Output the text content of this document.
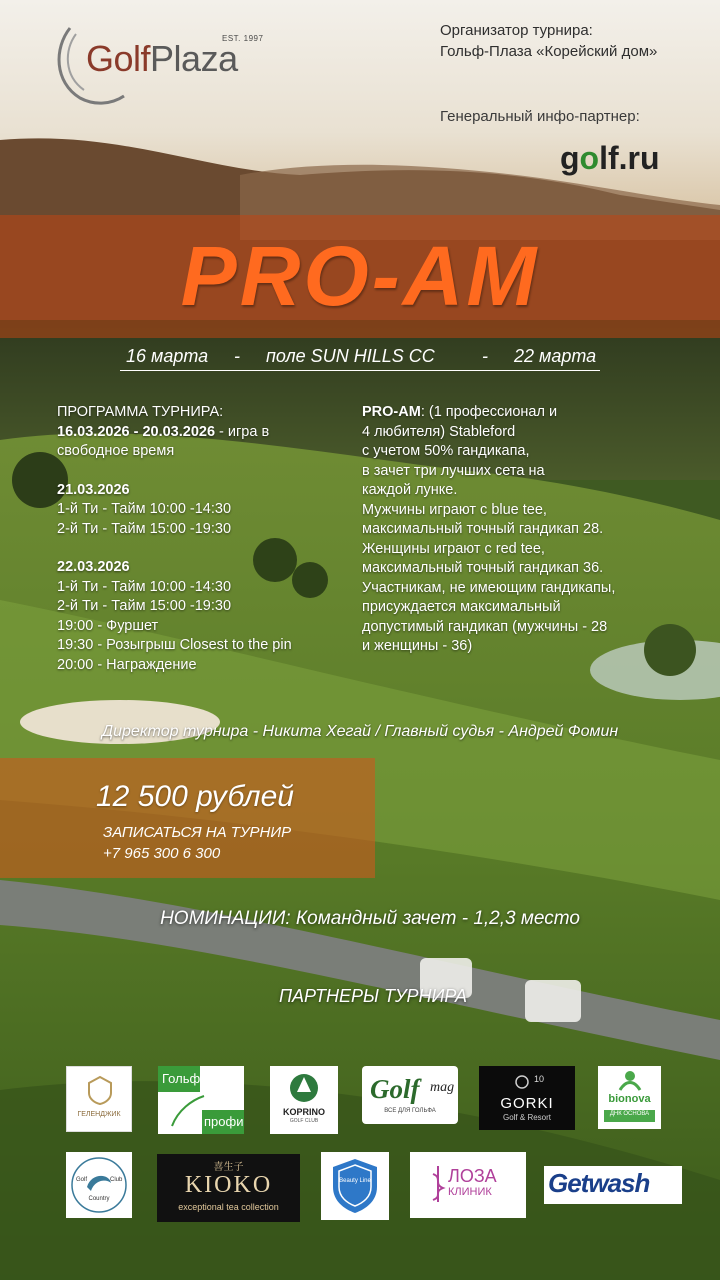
GolfPlaza
EST. 1997	Организатор турнира:
Гольф-Плаза «Корейский дом»
Генеральный инфо-партнер:
golf.ru
PRO-AM
16 марта - поле SUN HILLS CC	- 22 марта
ПРОГРАММА ТУРНИРА:
16.03.2026 - 20.03.2026 - игра в
свободное время
21.03.2026
1-й Ти - Тайм 10:00 -14:30
2-й Ти - Тайм 15:00 -19:30
22.03.2026
1-й Ти - Тайм 10:00 -14:30
2-й Ти - Тайм 15:00 -19:30
19:00 - Фуршет
19:30 - Розыгрыш Closest to the pin
20:00 - Награждение
PRO-AM: (1 профессионал и
4 любителя) Stableford
с учетом 50% гандикапа,
в зачет три лучших сета на
каждой лунке.
Мужчины играют с blue tee,
максимальный точный гандикап 28.
Женщины играют с red tee,
максимальный точный гандикап 36.
Участникам, не имеющим гандикапы,
присуждается максимальный
допустимый гандикап (мужчины - 28
и женщины - 36)
Директор турнира - Никита Хегай / Главный судья - Андрей Фомин
12 500 рублей
ЗАПИСАТЬСЯ НА ТУРНИР
+7 965 300 6 300
НОМИНАЦИИ: Командный зачет - 1,2,3 место
ПАРТНЕРЫ ТУРНИРА
ГЕЛЕНДЖИК
Гольф
профи
KOPRINO
GOLF CLUB
Golf mag
ВСЕ ДЛЯ ГОЛЬФА
10
GORKI
Golf & Resort
bionova
ДНК ОСНОВА
Golf	Club
Country
喜生子
KIOKO
exceptional tea collection
Beauty Line	ЛОЗА
КЛИНИК Getwash
